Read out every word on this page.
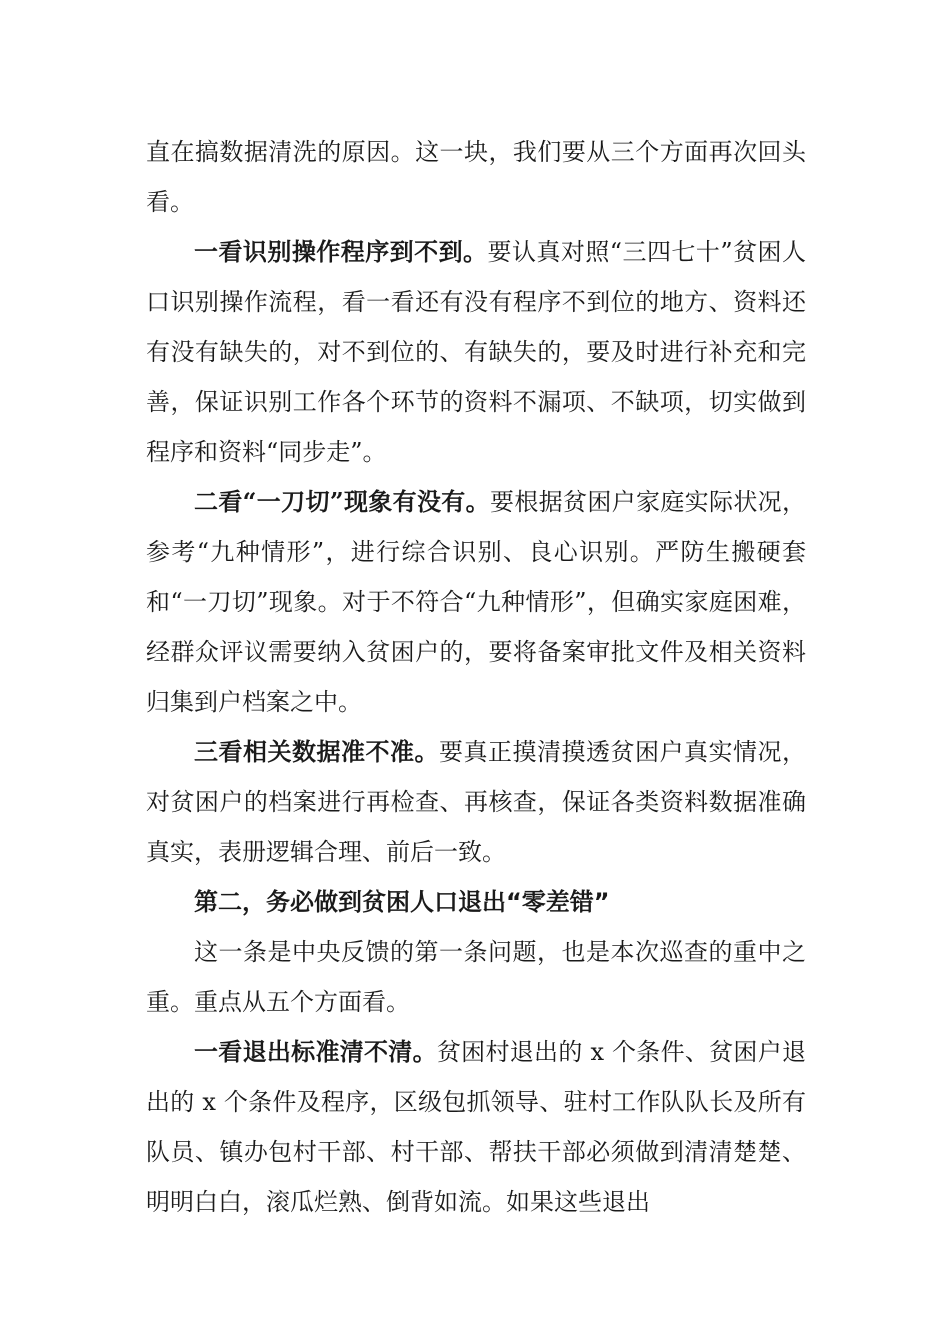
直在搞数据清洗的原因。这一块，我们要从三个方面再次回头看。

一看识别操作程序到不到。要认真对照“三四七十”贫困人口识别操作流程，看一看还有没有程序不到位的地方、资料还有没有缺失的，对不到位的、有缺失的，要及时进行补充和完善，保证识别工作各个环节的资料不漏项、不缺项，切实做到程序和资料“同步走”。

二看“一刀切”现象有没有。要根据贫困户家庭实际状况，参考“九种情形”，进行综合识别、良心识别。严防生搬硬套和“一刀切”现象。对于不符合“九种情形”，但确实家庭困难，经群众评议需要纳入贫困户的，要将备案审批文件及相关资料归集到户档案之中。

三看相关数据准不准。要真正摸清摸透贫困户真实情况，对贫困户的档案进行再检查、再核查，保证各类资料数据准确真实，表册逻辑合理、前后一致。

第二，务必做到贫困人口退出“零差错”

这一条是中央反馈的第一条问题，也是本次巡查的重中之重。重点从五个方面看。

一看退出标准清不清。贫困村退出的 x 个条件、贫困户退出的 x 个条件及程序，区级包抓领导、驻村工作队队长及所有队员、镇办包村干部、村干部、帮扶干部必须做到清清楚楚、明明白白，滚瓜烂熟、倒背如流。如果这些退出
